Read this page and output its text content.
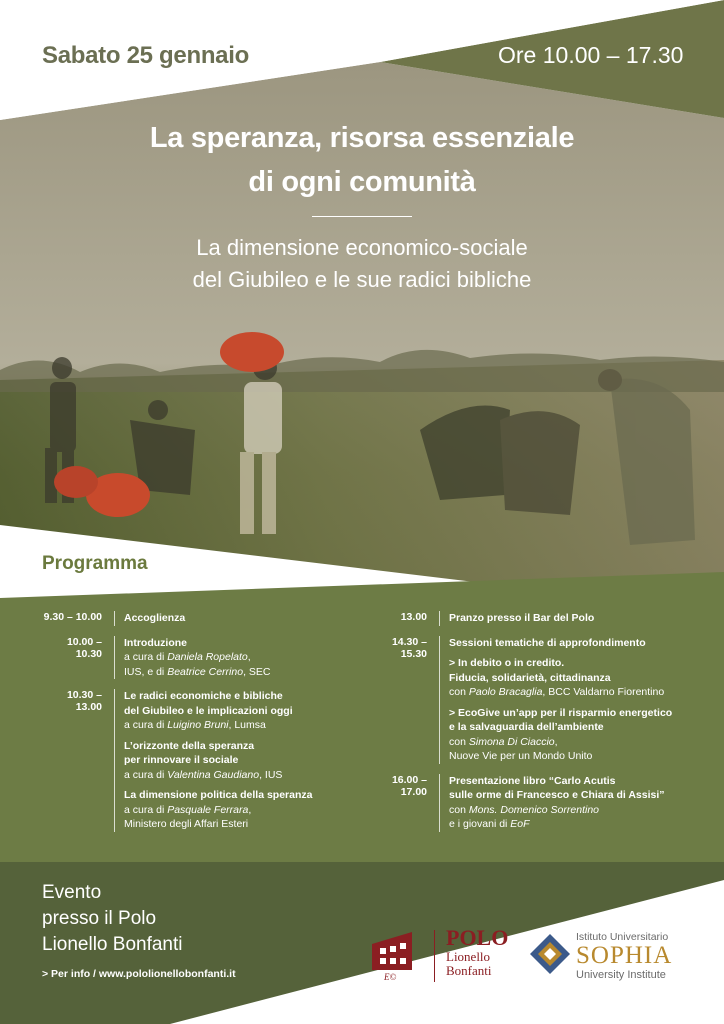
Sabato 25 gennaio	Ore 10.00 – 17.30
La speranza, risorsa essenziale
di ogni comunità
La dimensione economico-sociale
del Giubileo e le sue radici bibliche
Programma
9.30 – 10.00 Accoglienza
10.00 – 10.30
Introduzione
a cura di Daniela Ropelato,
IUS, e di Beatrice Cerrino, SEC
10.30 – 13.00
Le radici economiche e bibliche
del Giubileo e le implicazioni oggi
a cura di Luigino Bruni, Lumsa
L’orizzonte della speranza
per rinnovare il sociale
a cura di Valentina Gaudiano, IUS
La dimensione politica della speranza
a cura di Pasquale Ferrara,
Ministero degli Affari Esteri
13.00 Pranzo presso il Bar del Polo
14.30 – 15.30
Sessioni tematiche di approfondimento
> In debito o in credito.
Fiducia, solidarietà, cittadinanza
con Paolo Bracaglia, BCC Valdarno Fiorentino
> EcoGive un’app per il risparmio energetico
e la salvaguardia dell’ambiente
con Simona Di Ciaccio,
Nuove Vie per un Mondo Unito
16.00 – 17.00
Presentazione libro “Carlo Acutis
sulle orme di Francesco e Chiara di Assisi”
con Mons. Domenico Sorrentino
e i giovani di EoF
Evento
presso il Polo
Lionello Bonfanti
> Per info / www.pololionellobonfanti.it	E©
POLO
Lionello
Bonfanti
Istituto Universitario
SOPHIA
University Institute
